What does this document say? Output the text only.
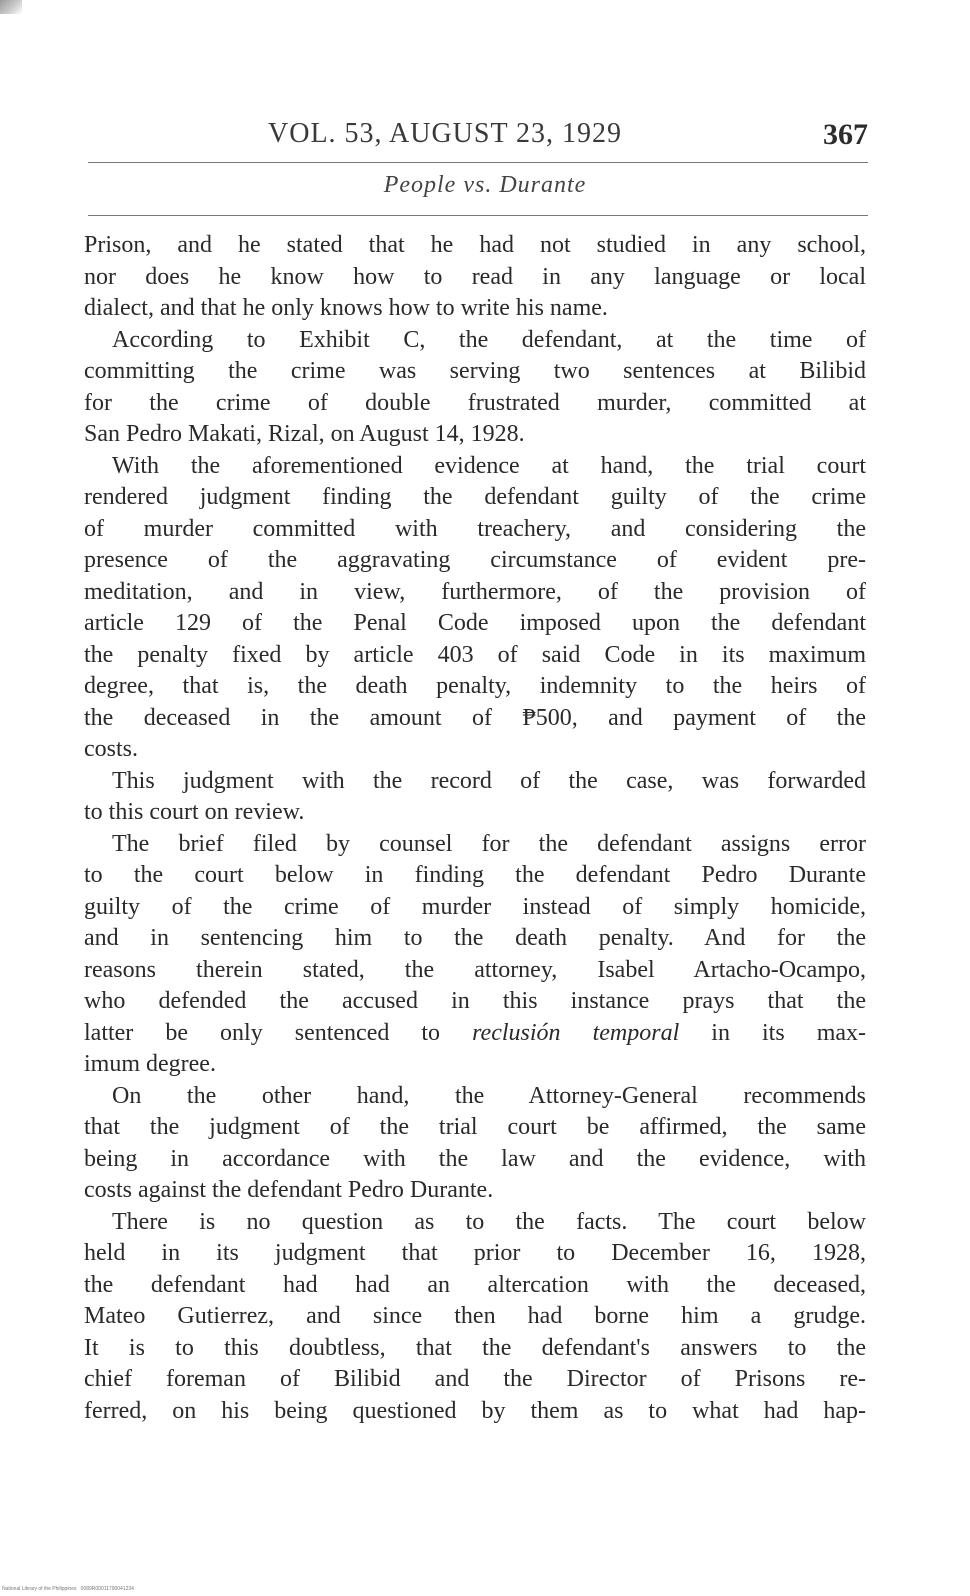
VOL. 53, AUGUST 23, 1929	367
People vs. Durante
Prison, and he stated that he had not studied in any school,
nor does he know how to read in any language or local
dialect, and that he only knows how to write his name.
According to Exhibit C, the defendant, at the time of
committing the crime was serving two sentences at Bilibid
for the crime of double frustrated murder, committed at
San Pedro Makati, Rizal, on August 14, 1928.
With the aforementioned evidence at hand, the trial court
rendered judgment finding the defendant guilty of the crime
of murder committed with treachery, and considering the
presence of the aggravating circumstance of evident pre-
meditation, and in view, furthermore, of the provision of
article 129 of the Penal Code imposed upon the defendant
the penalty fixed by article 403 of said Code in its maximum
degree, that is, the death penalty, indemnity to the heirs of
the deceased in the amount of ₱500, and payment of the
costs.
This judgment with the record of the case, was forwarded
to this court on review.
The brief filed by counsel for the defendant assigns error
to the court below in finding the defendant Pedro Durante
guilty of the crime of murder instead of simply homicide,
and in sentencing him to the death penalty. And for the
reasons therein stated, the attorney, Isabel Artacho-Ocampo,
who defended the accused in this instance prays that the
latter be only sentenced to reclusión temporal in its max-
imum degree.
On the other hand, the Attorney-General recommends
that the judgment of the trial court be affirmed, the same
being in accordance with the law and the evidence, with
costs against the defendant Pedro Durante.
There is no question as to the facts. The court below
held in its judgment that prior to December 16, 1928,
the defendant had had an altercation with the deceased,
Mateo Gutierrez, and since then had borne him a grudge.
It is to this doubtless, that the defendant's answers to the
chief foreman of Bilibid and the Director of Prisons re-
ferred, on his being questioned by them as to what had hap-
National Library of the Philippines 0089R00011790041234
